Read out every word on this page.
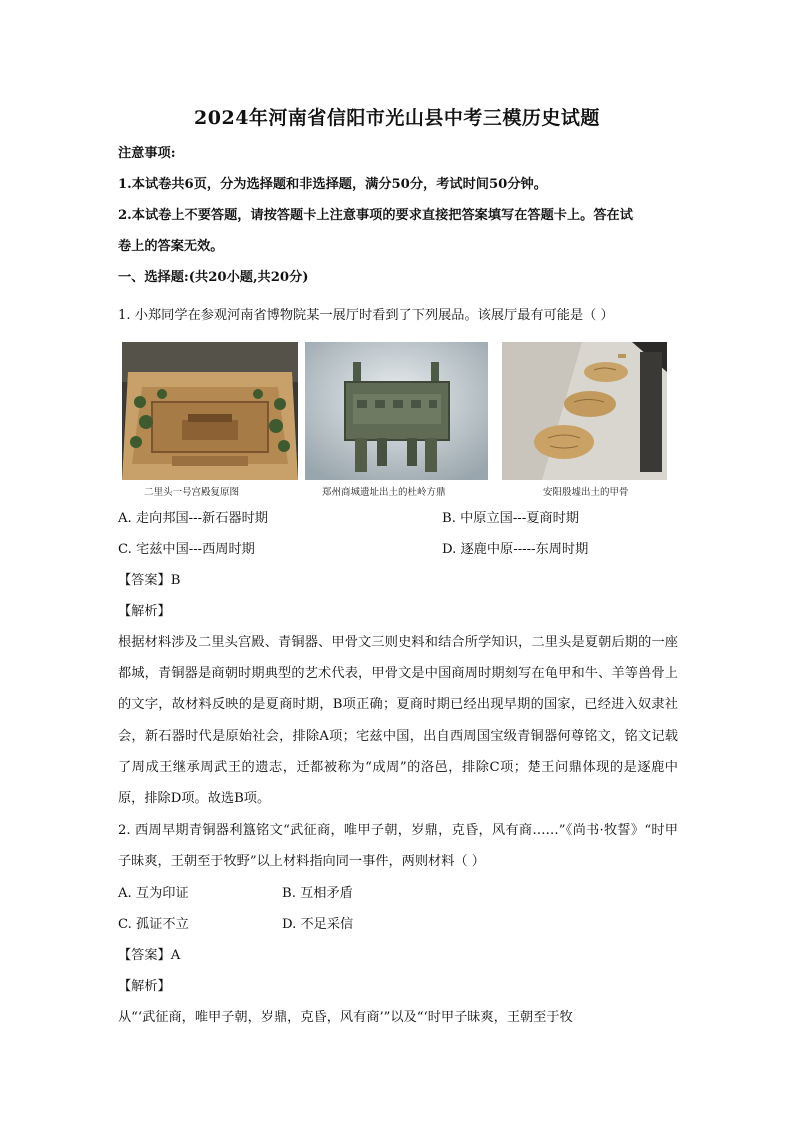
2024年河南省信阳市光山县中考三模历史试题
注意事项:
1.本试卷共6页，分为选择题和非选择题，满分50分，考试时间50分钟。
2.本试卷上不要答题，请按答题卡上注意事项的要求直接把答案填写在答题卡上。答在试
卷上的答案无效。
一、选择题:(共20小题,共20分)
1. 小郑同学在参观河南省博物院某一展厅时看到了下列展品。该展厅最有可能是（ ）
二里头一号宫殿复原图	郑州商城遗址出土的杜岭方鼎	安阳殷墟出土的甲骨
A. 走向邦国---新石器时期	B. 中原立国---夏商时期
C. 宅兹中国---西周时期	D. 逐鹿中原-----东周时期
【答案】B
【解析】
根据材料涉及二里头宫殿、青铜器、甲骨文三则史料和结合所学知识，二里头是夏朝后期的一座都城，青铜器是商朝时期典型的艺术代表，甲骨文是中国商周时期刻写在龟甲和牛、羊等兽骨上的文字，故材料反映的是夏商时期，B项正确；夏商时期已经出现早期的国家，已经进入奴隶社会，新石器时代是原始社会，排除A项；宅兹中国，出自西周国宝级青铜器何尊铭文，铭文记载了周成王继承周武王的遗志，迁都被称为“成周”的洛邑，排除C项；楚王问鼎体现的是逐鹿中原，排除D项。故选B项。
2. 西周早期青铜器利簋铭文“武征商，唯甲子朝，岁鼎，克昏，风有商……”《尚书·牧誓》“时甲子昧爽，王朝至于牧野”以上材料指向同一事件，两则材料（ ）
A. 互为印证	B. 互相矛盾
C. 孤证不立	D. 不足采信
【答案】A
【解析】
从“‘武征商，唯甲子朝，岁鼎，克昏，风有商’”以及“‘时甲子昧爽，王朝至于牧
